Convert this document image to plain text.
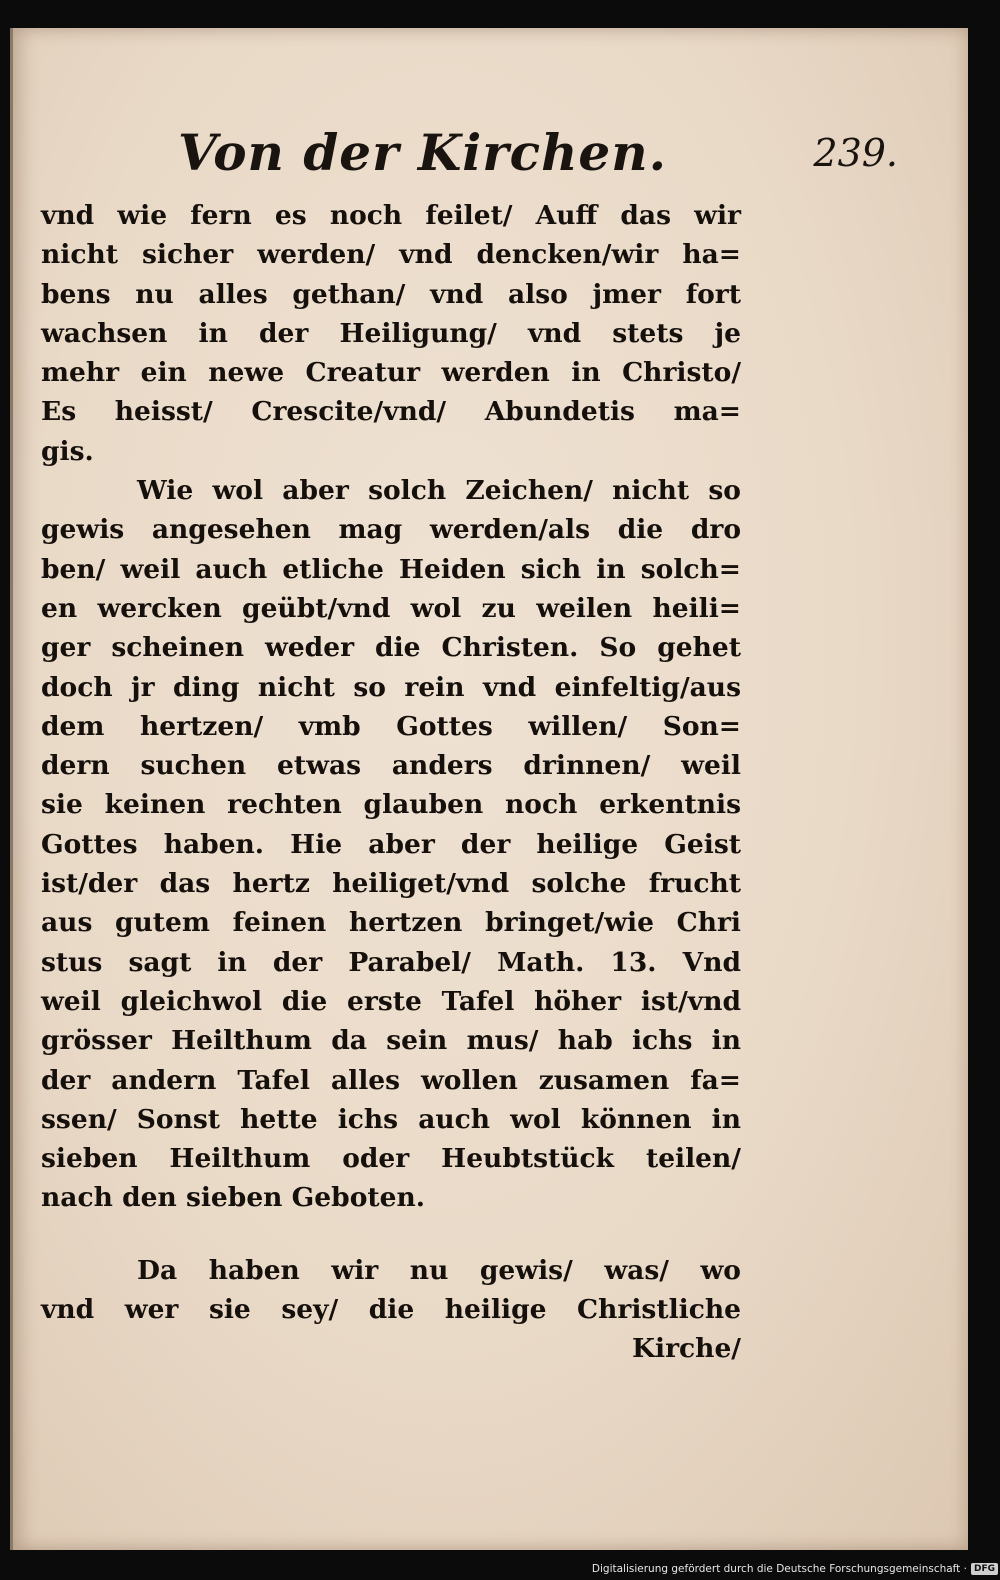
Von der Kirchen.	239.
vnd wie fern es noch feilet/ Auff das wir
nicht sicher werden/ vnd dencken/wir ha=
bens nu alles gethan/ vnd also jmer fort
wachsen in der Heiligung/ vnd stets je
mehr ein newe Creatur werden in Christo/
Es heisst/ Crescite/vnd/ Abundetis ma=
gis.
Wie wol aber solch Zeichen/ nicht so
gewis angesehen mag werden/als die dro
ben/ weil auch etliche Heiden sich in solch=
en wercken geübt/vnd wol zu weilen heili=
ger scheinen weder die Christen. So gehet
doch jr ding nicht so rein vnd einfeltig/aus
dem hertzen/ vmb Gottes willen/ Son=
dern suchen etwas anders drinnen/ weil
sie keinen rechten glauben noch erkentnis
Gottes haben. Hie aber der heilige Geist
ist/der das hertz heiliget/vnd solche frucht
aus gutem feinen hertzen bringet/wie Chri
stus sagt in der Parabel/ Math. 13. Vnd
weil gleichwol die erste Tafel höher ist/vnd
grösser Heilthum da sein mus/ hab ichs in
der andern Tafel alles wollen zusamen fa=
ssen/ Sonst hette ichs auch wol können in
sieben Heilthum oder Heubtstück teilen/
nach den sieben Geboten.
Da haben wir nu gewis/ was/ wo
vnd wer sie sey/ die heilige Christliche
Kirche/
Digitalisierung gefördert durch die Deutsche Forschungsgemeinschaft · DFG
